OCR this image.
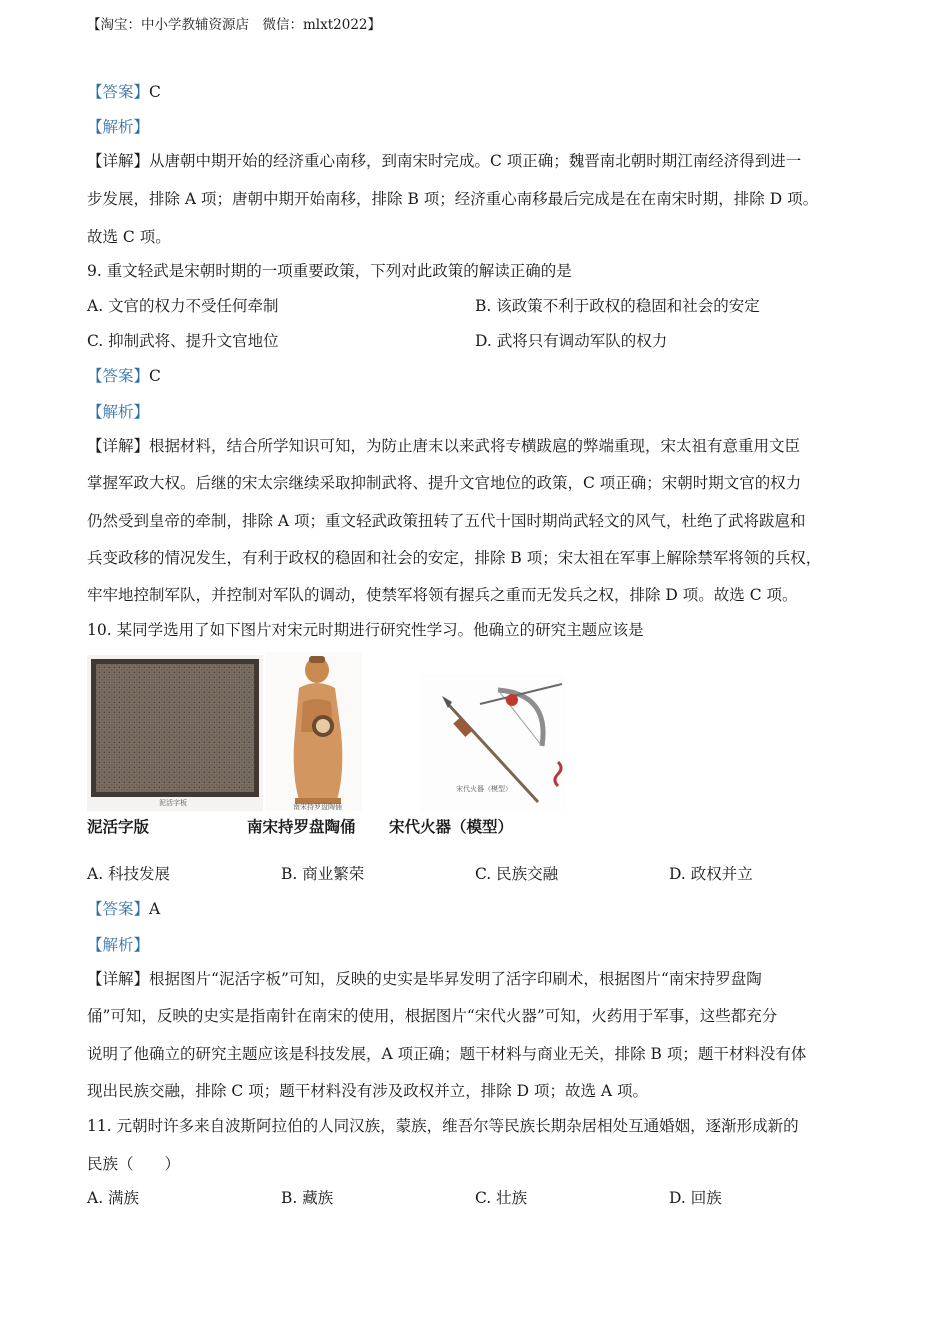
【淘宝：中小学教辅资源店　微信：mlxt2022】
【答案】C
【解析】
【详解】从唐朝中期开始的经济重心南移，到南宋时完成。C 项正确；魏晋南北朝时期江南经济得到进一
步发展，排除 A 项；唐朝中期开始南移，排除 B 项；经济重心南移最后完成是在在南宋时期，排除 D 项。
故选 C 项。
9. 重文轻武是宋朝时期的一项重要政策，下列对此政策的解读正确的是
A. 文官的权力不受任何牵制	B. 该政策不利于政权的稳固和社会的安定
C. 抑制武将、提升文官地位	D. 武将只有调动军队的权力
【答案】C
【解析】
【详解】根据材料，结合所学知识可知，为防止唐末以来武将专横跋扈的弊端重现，宋太祖有意重用文臣
掌握军政大权。后继的宋太宗继续采取抑制武将、提升文官地位的政策，C 项正确；宋朝时期文官的权力
仍然受到皇帝的牵制，排除 A 项；重文轻武政策扭转了五代十国时期尚武轻文的风气，杜绝了武将跋扈和
兵变政移的情况发生，有利于政权的稳固和社会的安定，排除 B 项；宋太祖在军事上解除禁军将领的兵权，
牢牢地控制军队，并控制对军队的调动，使禁军将领有握兵之重而无发兵之权，排除 D 项。故选 C 项。
10. 某同学选用了如下图片对宋元时期进行研究性学习。他确立的研究主题应该是
泥活字板	南宋持罗盘陶俑
宋代火器（模型）
泥活字版	南宋持罗盘陶俑 宋代火器（模型）
A. 科技发展	B. 商业繁荣	C. 民族交融	D. 政权并立
【答案】A
【解析】
【详解】根据图片“泥活字板”可知，反映的史实是毕昇发明了活字印刷术，根据图片“南宋持罗盘陶
俑”可知，反映的史实是指南针在南宋的使用，根据图片“宋代火器”可知，火药用于军事，这些都充分
说明了他确立的研究主题应该是科技发展，A 项正确；题干材料与商业无关，排除 B 项；题干材料没有体
现出民族交融，排除 C 项；题干材料没有涉及政权并立，排除 D 项；故选 A 项。
11. 元朝时许多来自波斯阿拉伯的人同汉族，蒙族，维吾尔等民族长期杂居相处互通婚姻，逐渐形成新的
民族（　　）
A. 满族	B. 藏族	C. 壮族	D. 回族
